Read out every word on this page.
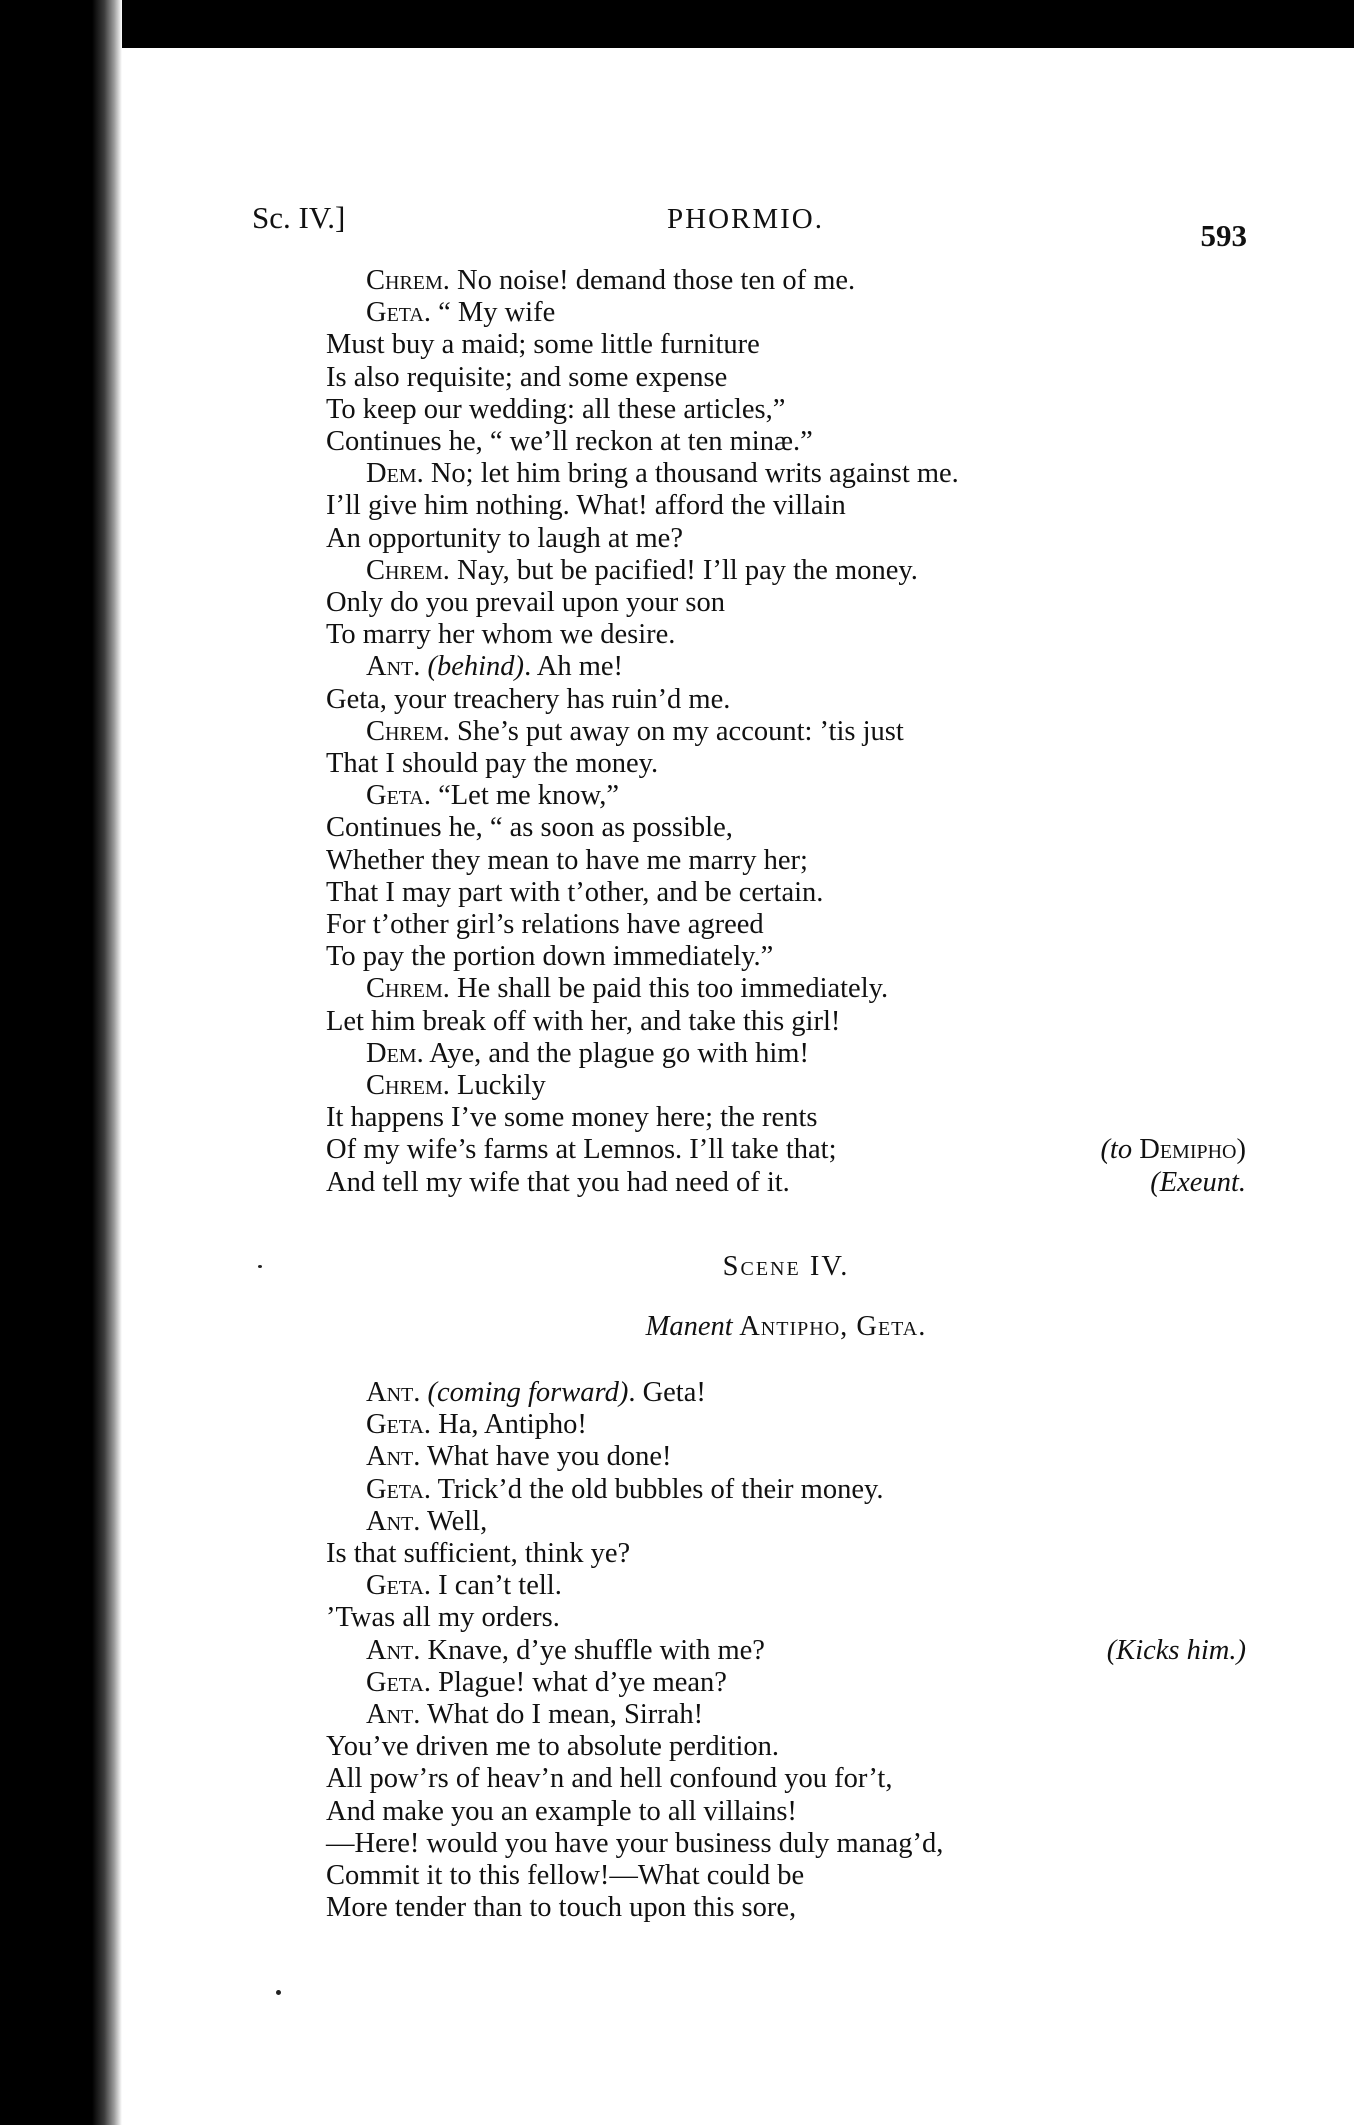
Sc. IV.]	PHORMIO.	593
Chrem. No noise! demand those ten of me.
Geta. “ My wife
Must buy a maid; some little furniture
Is also requisite; and some expense
To keep our wedding: all these articles,”
Continues he, “ we’ll reckon at ten minæ.”
Dem. No; let him bring a thousand writs against me.
I’ll give him nothing. What! afford the villain
An opportunity to laugh at me?
Chrem. Nay, but be pacified! I’ll pay the money.
Only do you prevail upon your son
To marry her whom we desire.
Ant. (behind). Ah me!
Geta, your treachery has ruin’d me.
Chrem. She’s put away on my account: ’tis just
That I should pay the money.
Geta. “Let me know,”
Continues he, “ as soon as possible,
Whether they mean to have me marry her;
That I may part with t’other, and be certain.
For t’other girl’s relations have agreed
To pay the portion down immediately.”
Chrem. He shall be paid this too immediately.
Let him break off with her, and take this girl!
Dem. Aye, and the plague go with him!
Chrem. Luckily
It happens I’ve some money here; the rents
Of my wife’s farms at Lemnos. I’ll take that;	(to Demipho)
And tell my wife that you had need of it.	(Exeunt.
Scene IV.
Manent Antipho, Geta.
Ant. (coming forward). Geta!
Geta. Ha, Antipho!
Ant. What have you done!
Geta. Trick’d the old bubbles of their money.
Ant. Well,
Is that sufficient, think ye?
Geta. I can’t tell.
’Twas all my orders.
Ant. Knave, d’ye shuffle with me?	(Kicks him.)
Geta. Plague! what d’ye mean?
Ant. What do I mean, Sirrah!
You’ve driven me to absolute perdition.
All pow’rs of heav’n and hell confound you for’t,
And make you an example to all villains!
—Here! would you have your business duly manag’d,
Commit it to this fellow!—What could be
More tender than to touch upon this sore,
